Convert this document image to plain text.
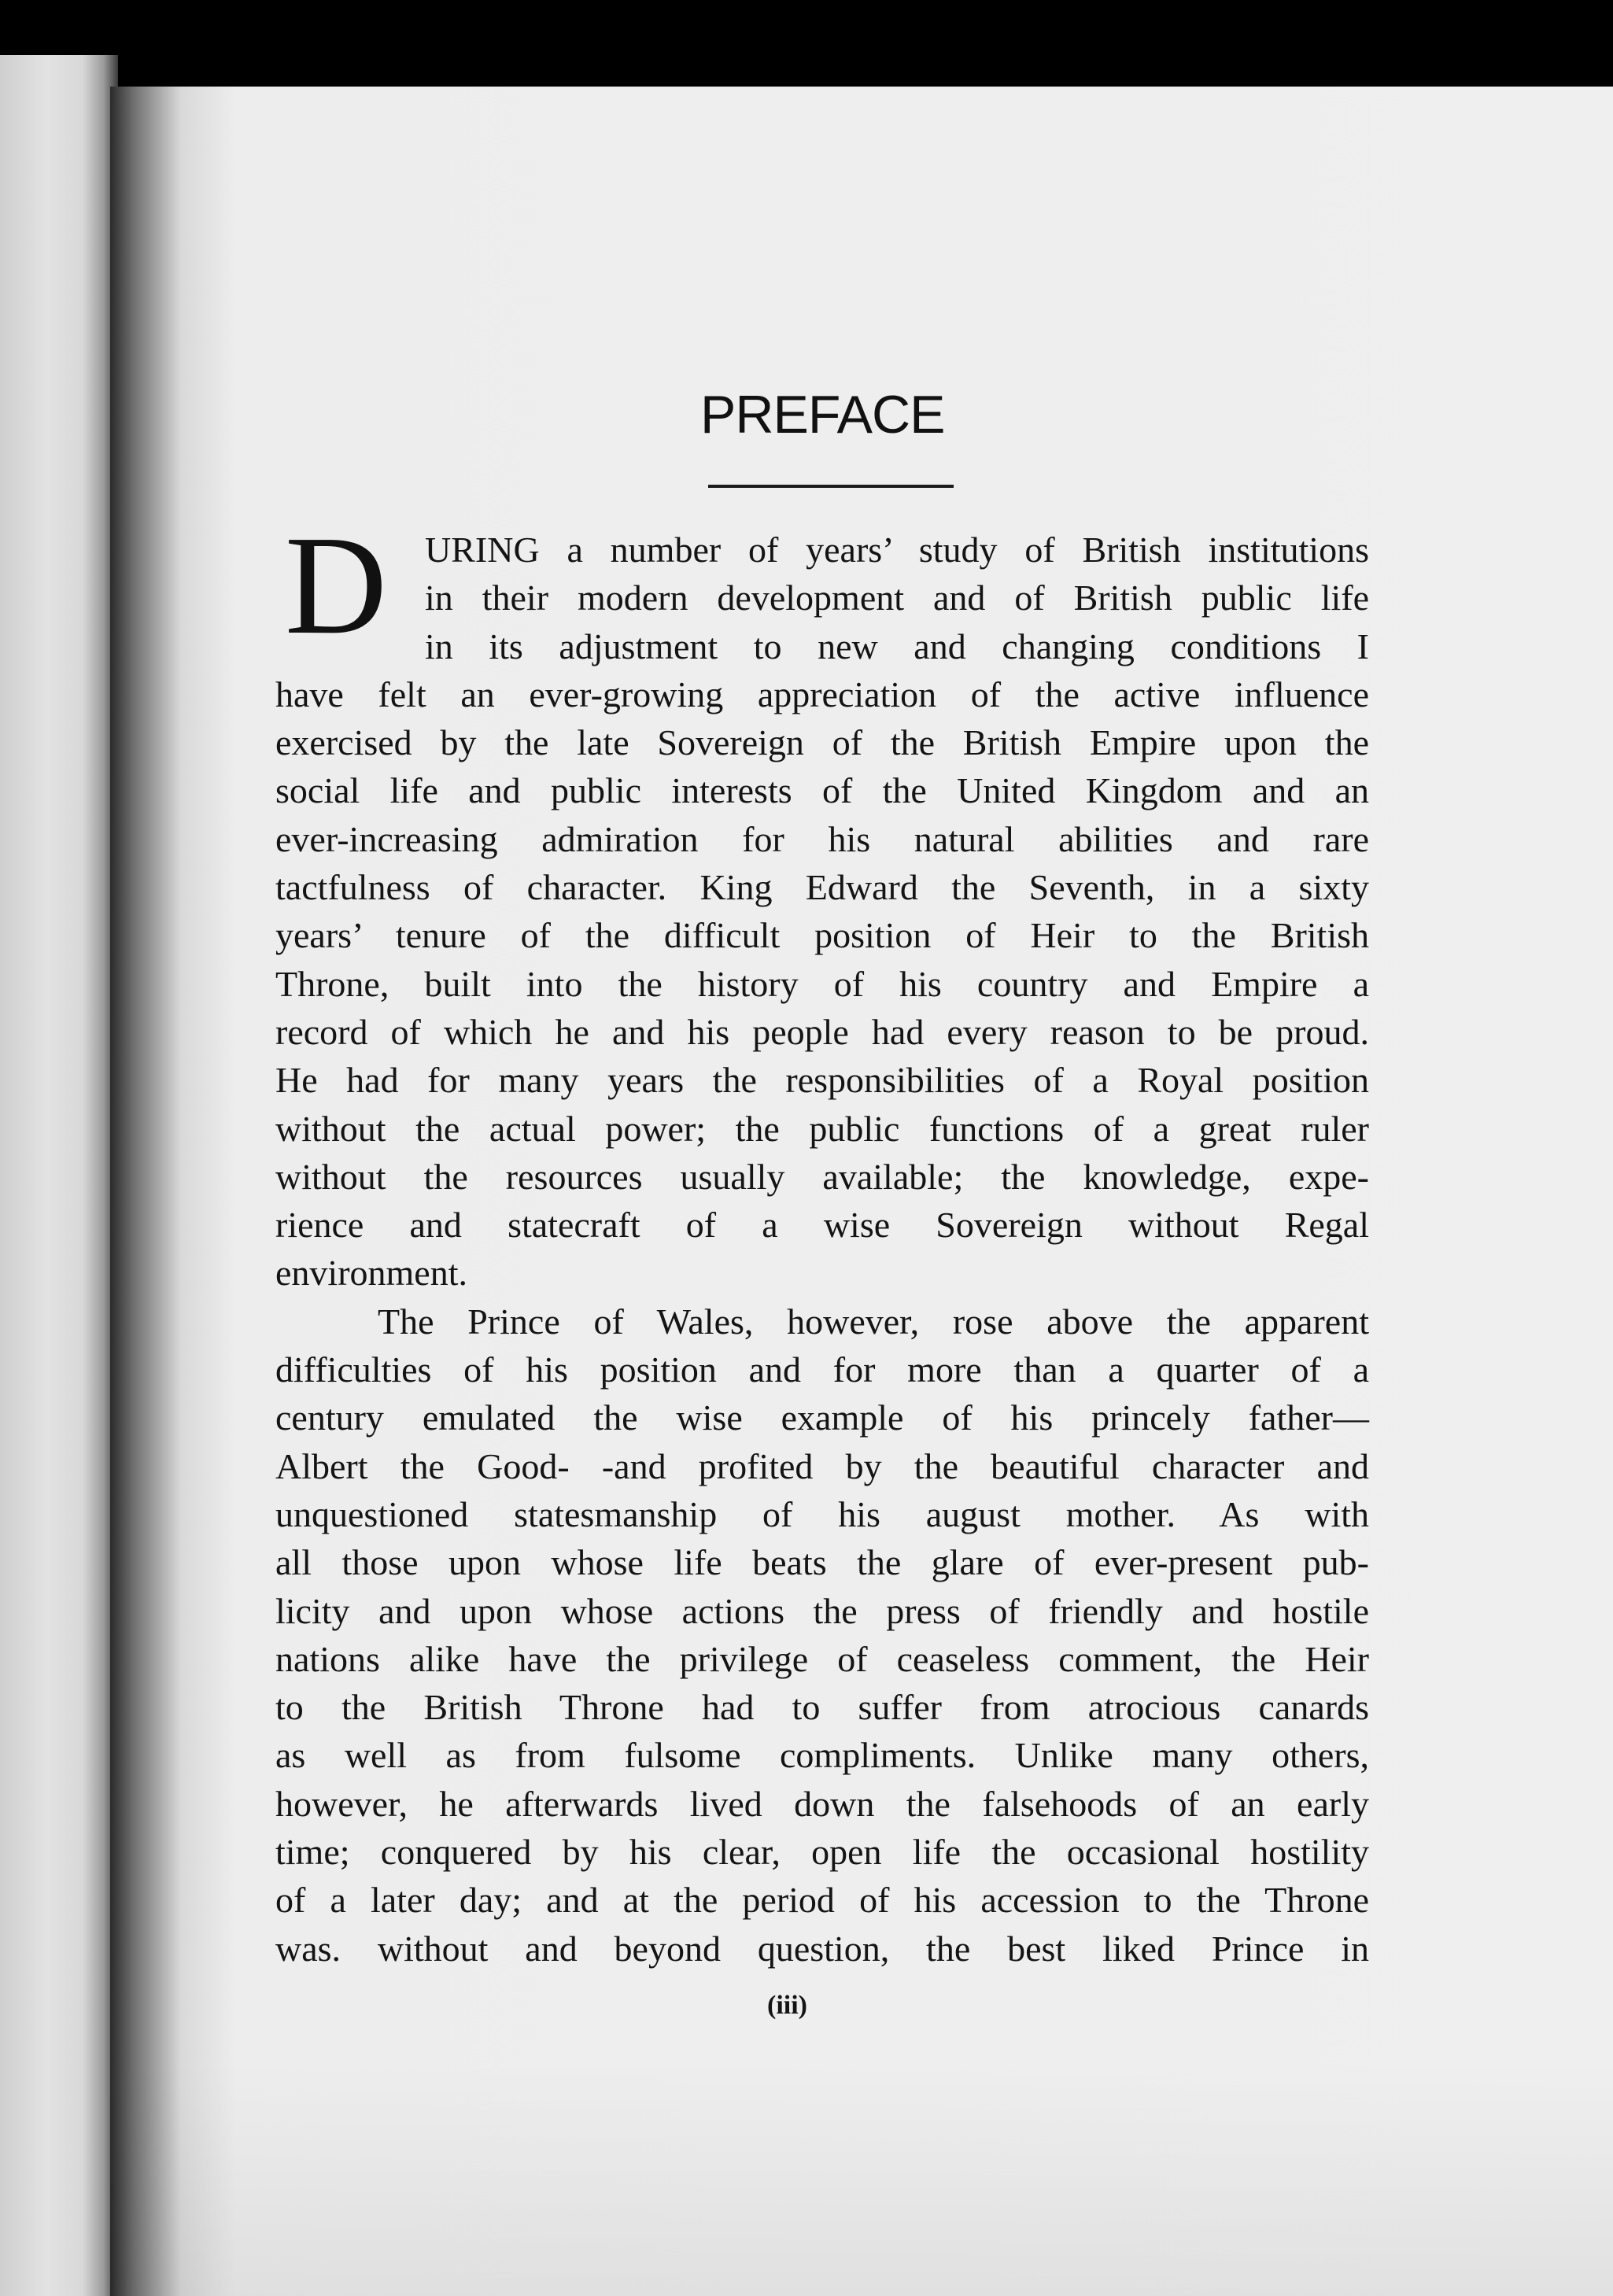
PREFACE
D URING a number of years’ study of British institutions
in their modern development and of British public life
in its adjustment to new and changing conditions I
have felt an ever-growing appreciation of the active influence
exercised by the late Sovereign of the British Empire upon the
social life and public interests of the United Kingdom and an
ever-increasing admiration for his natural abilities and rare
tactfulness of character. King Edward the Seventh, in a sixty
years’ tenure of the difficult position of Heir to the British
Throne, built into the history of his country and Empire a
record of which he and his people had every reason to be proud.
He had for many years the responsibilities of a Royal position
without the actual power; the public functions of a great ruler
without the resources usually available; the knowledge, expe-
rience and statecraft of a wise Sovereign without Regal
environment.
The Prince of Wales, however, rose above the apparent
difficulties of his position and for more than a quarter of a
century emulated the wise example of his princely father—
Albert the Good- -and profited by the beautiful character and
unquestioned statesmanship of his august mother. As with
all those upon whose life beats the glare of ever-present pub-
licity and upon whose actions the press of friendly and hostile
nations alike have the privilege of ceaseless comment, the Heir
to the British Throne had to suffer from atrocious canards
as well as from fulsome compliments. Unlike many others,
however, he afterwards lived down the falsehoods of an early
time; conquered by his clear, open life the occasional hostility
of a later day; and at the period of his accession to the Throne
was. without and beyond question, the best liked Prince in
(iii)
